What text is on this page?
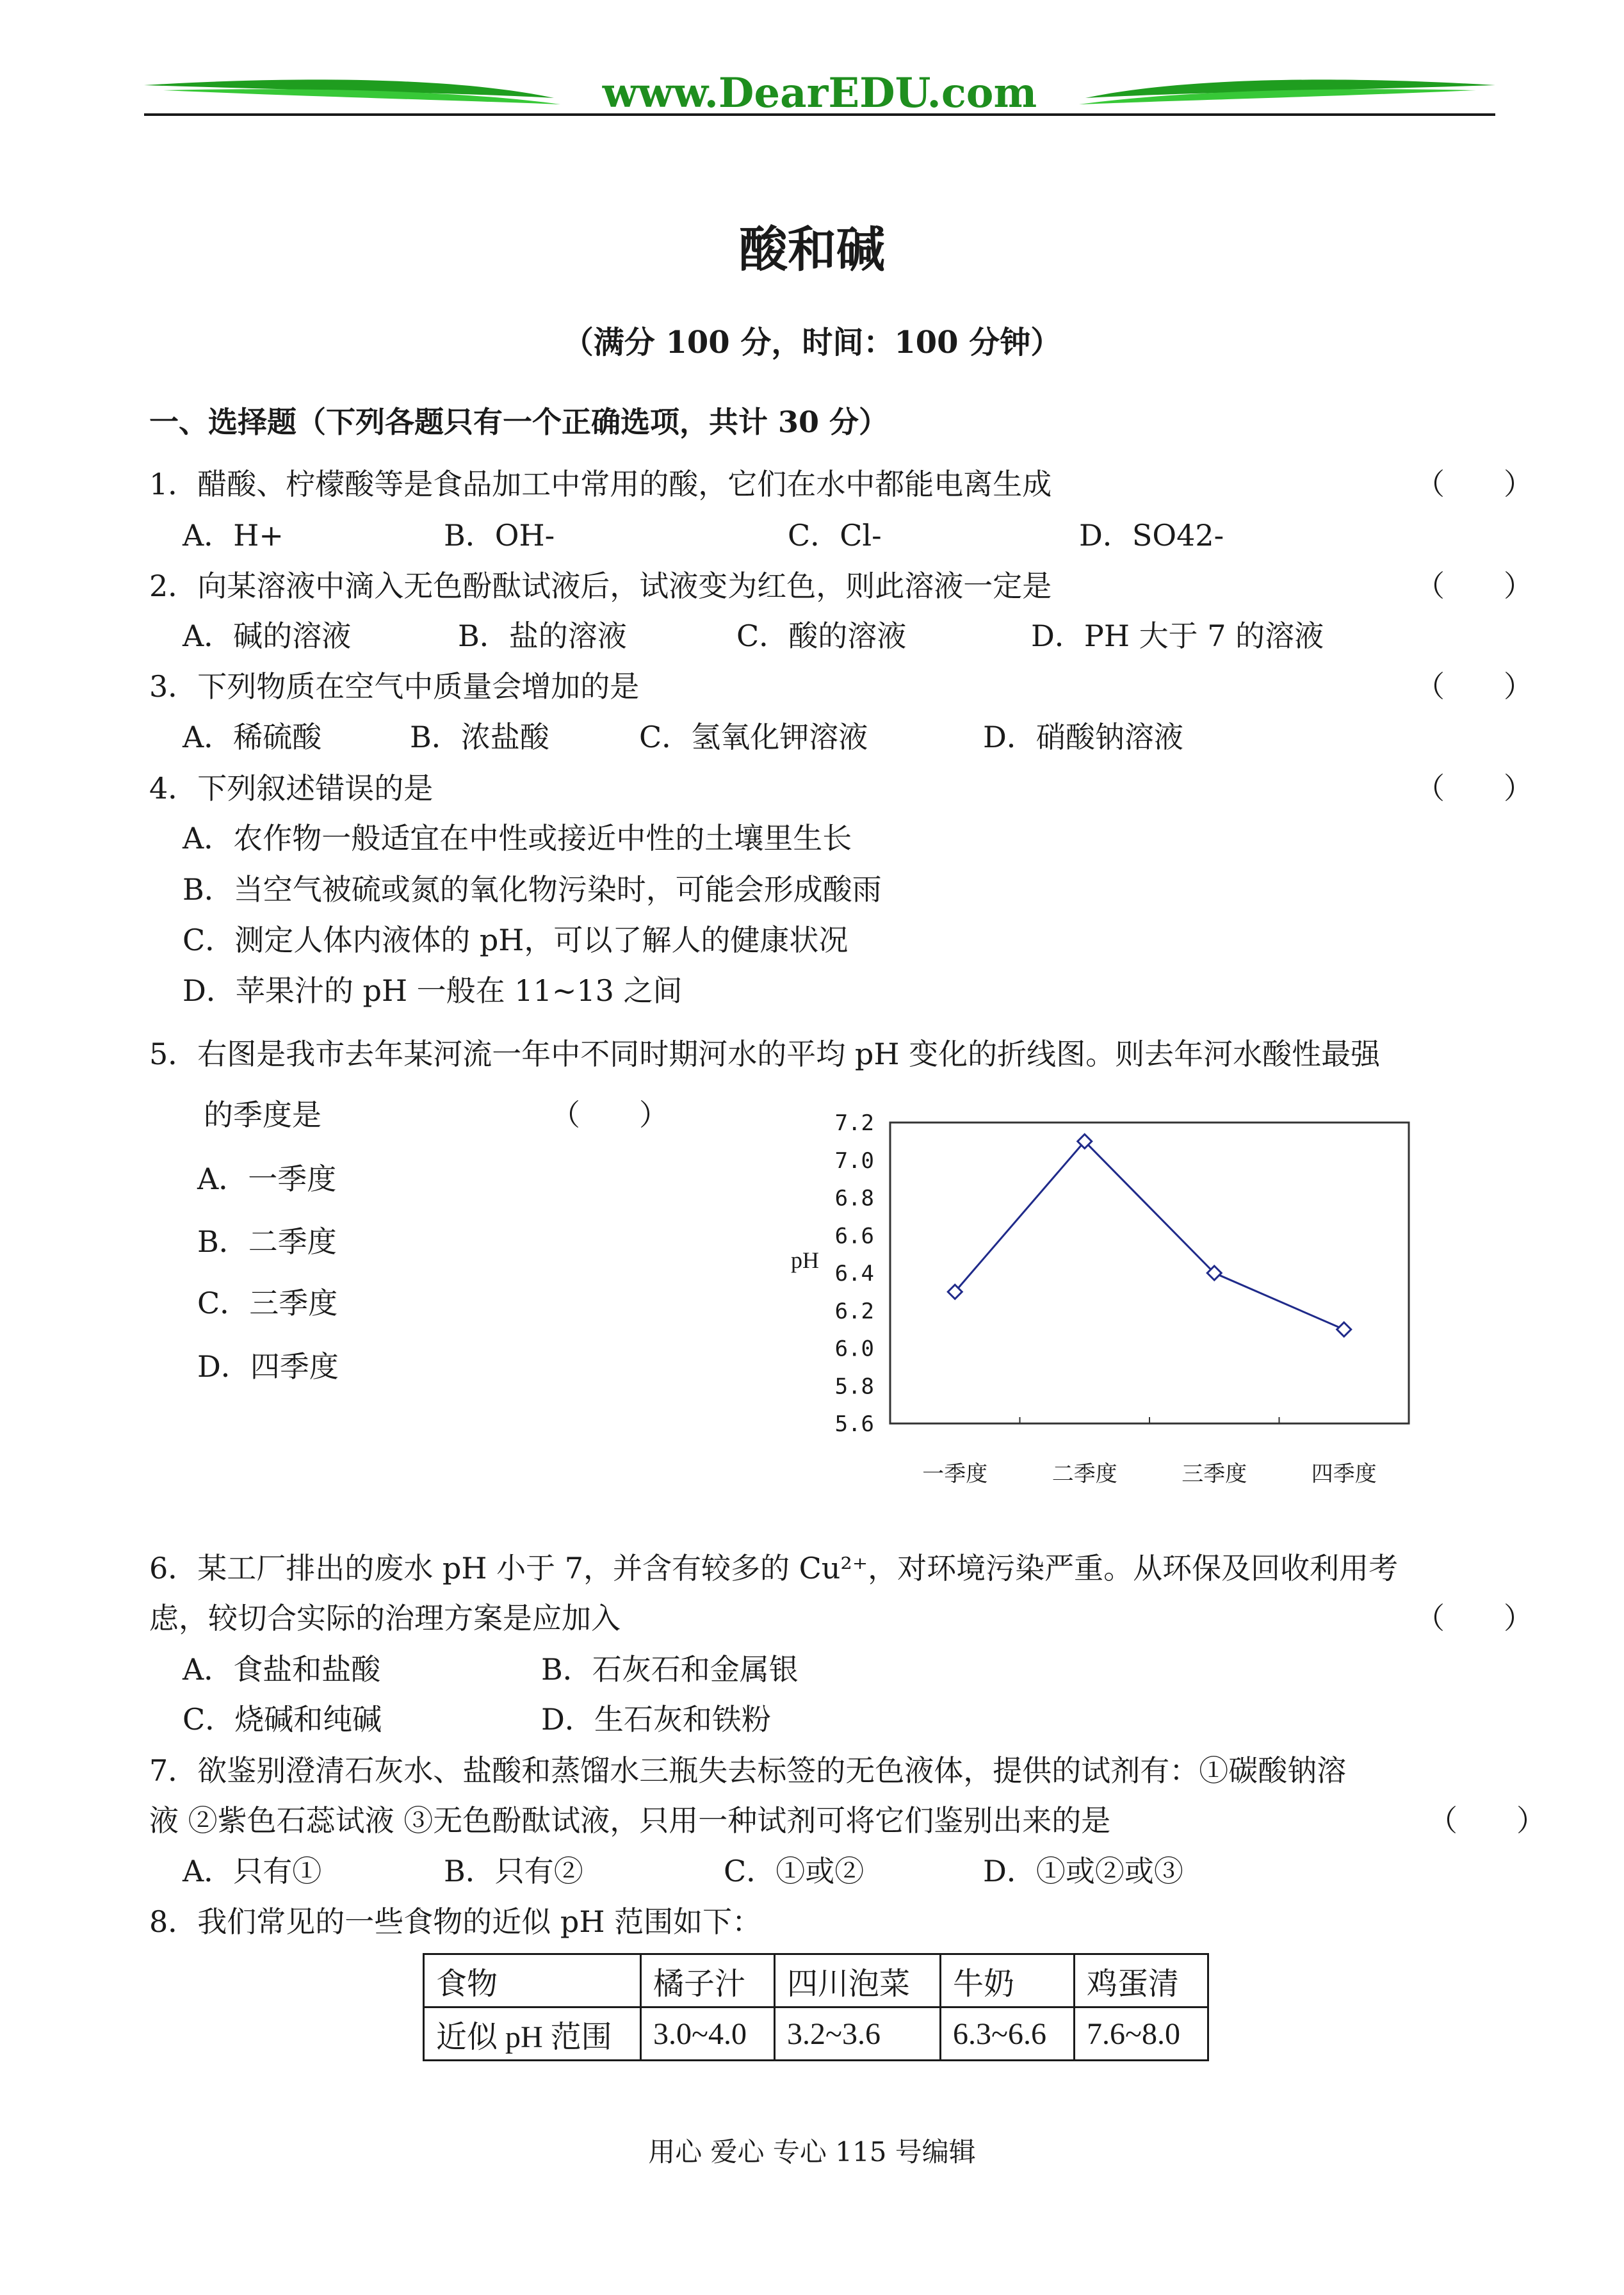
www.DearEDU.com
酸和碱
（满分 100 分，时间：100 分钟）
一、选择题（下列各题只有一个正确选项，共计 30 分）
1．醋酸、柠檬酸等是食品加工中常用的酸，它们在水中都能电离生成	（　　）
A．H+	B．OH-	C．Cl-	D．SO42-
2．向某溶液中滴入无色酚酞试液后，试液变为红色，则此溶液一定是	（　　）
A．碱的溶液	B．盐的溶液	C．酸的溶液	D．PH 大于 7 的溶液
3．下列物质在空气中质量会增加的是	（　　）
A．稀硫酸	B．浓盐酸	C．氢氧化钾溶液	D．硝酸钠溶液
4．下列叙述错误的是	（　　）
A．农作物一般适宜在中性或接近中性的土壤里生长
B．当空气被硫或氮的氧化物污染时，可能会形成酸雨
C．测定人体内液体的 pH，可以了解人的健康状况
D．苹果汁的 pH 一般在 11~13 之间
5．右图是我市去年某河流一年中不同时期河水的平均 pH 变化的折线图。则去年河水酸性最强
的季度是	（　　）
A．一季度
B．二季度
C．三季度
D．四季度
7.2
7.0
6.8
6.6
6.4
6.2
6.0
5.8
5.6
一季度	二季度	三季度	四季度
pH
6．某工厂排出的废水 pH 小于 7，并含有较多的 Cu²⁺，对环境污染严重。从环保及回收利用考
虑，较切合实际的治理方案是应加入	（　　）
A．食盐和盐酸	B．石灰石和金属银
C．烧碱和纯碱	D．生石灰和铁粉
7．欲鉴别澄清石灰水、盐酸和蒸馏水三瓶失去标签的无色液体，提供的试剂有：①碳酸钠溶
液 ②紫色石蕊试液 ③无色酚酞试液，只用一种试剂可将它们鉴别出来的是	（　　）
A．只有①	B．只有②	C．①或②	D．①或②或③
8．我们常见的一些食物的近似 pH 范围如下：
食物	橘子汁	四川泡菜	牛奶	鸡蛋清
近似 pH 范围	3.0~4.0	3.2~3.6	6.3~6.6	7.6~8.0
用心 爱心 专心 115 号编辑
